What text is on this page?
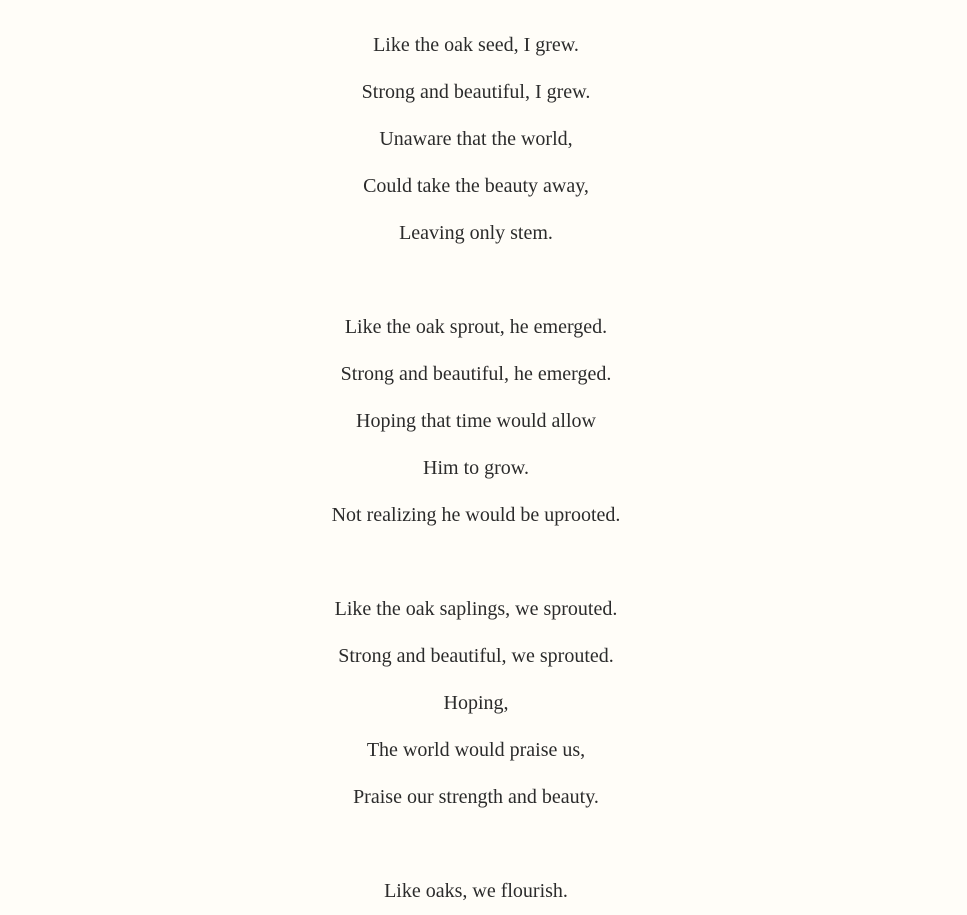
Like the oak seed, I grew.
Strong and beautiful, I grew.
Unaware that the world,
Could take the beauty away,
Leaving only stem.
Like the oak sprout, he emerged.
Strong and beautiful, he emerged.
Hoping that time would allow
Him to grow.
Not realizing he would be uprooted.
Like the oak saplings, we sprouted.
Strong and beautiful, we sprouted.
Hoping,
The world would praise us,
Praise our strength and beauty.
Like oaks, we flourish.
